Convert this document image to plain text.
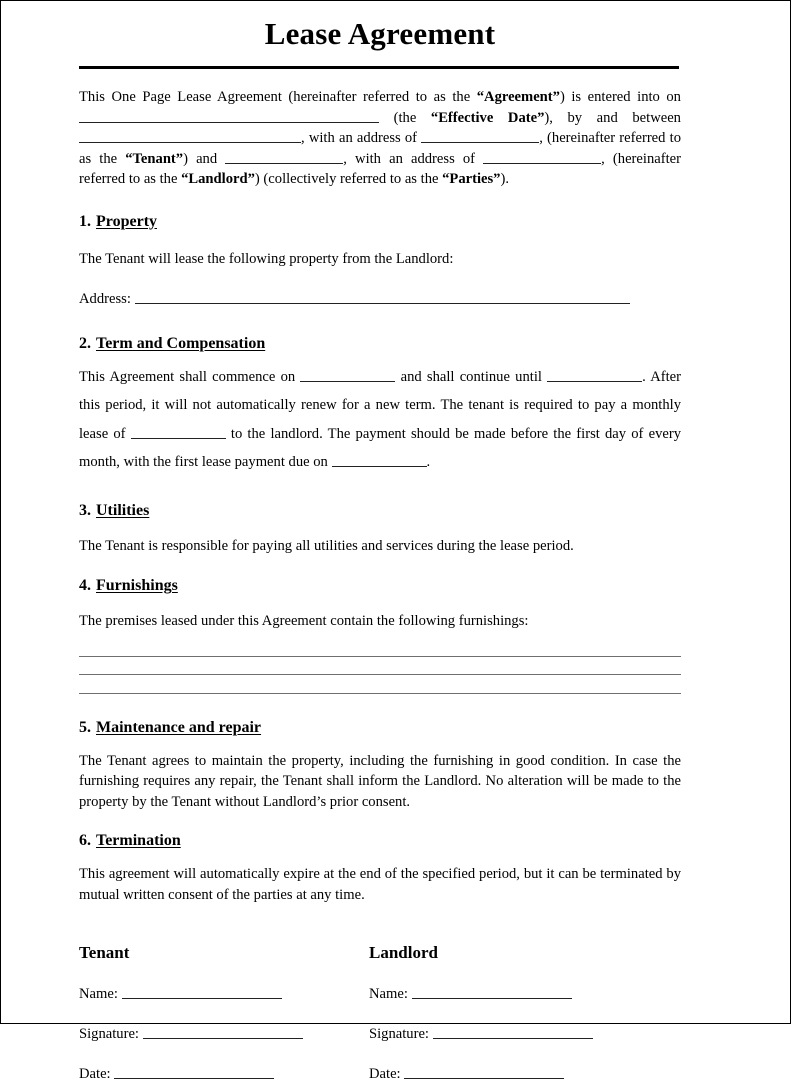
Lease Agreement

This One Page Lease Agreement (hereinafter referred to as the “Agreement”) is entered into on  (the “Effective Date”), by and between , with an address of	, (hereinafter referred to as the “Tenant”) and	, with an address of	, (hereinafter referred to as the “Landlord”) (collectively referred to as the “Parties”).

1. Property
The Tenant will lease the following property from the Landlord:
Address:
2. Term and Compensation
This Agreement shall commence on	and shall continue until	. After this period, it will not automatically renew for a new term. The tenant is required to pay a monthly lease of	to the landlord. The payment should be made before the first day of every month, with the first lease payment due on	.
3. Utilities
The Tenant is responsible for paying all utilities and services during the lease period.
4. Furnishings
The premises leased under this Agreement contain the following furnishings:
5. Maintenance and repair
The Tenant agrees to maintain the property, including the furnishing in good condition. In case the furnishing requires any repair, the Tenant shall inform the Landlord. No alteration will be made to the property by the Tenant without Landlord’s prior consent.
6. Termination
This agreement will automatically expire at the end of the specified period, but it can be terminated by mutual written consent of the parties at any time.
Tenant
Name:
Signature:
Date:
Landlord
Name:
Signature:
Date:
